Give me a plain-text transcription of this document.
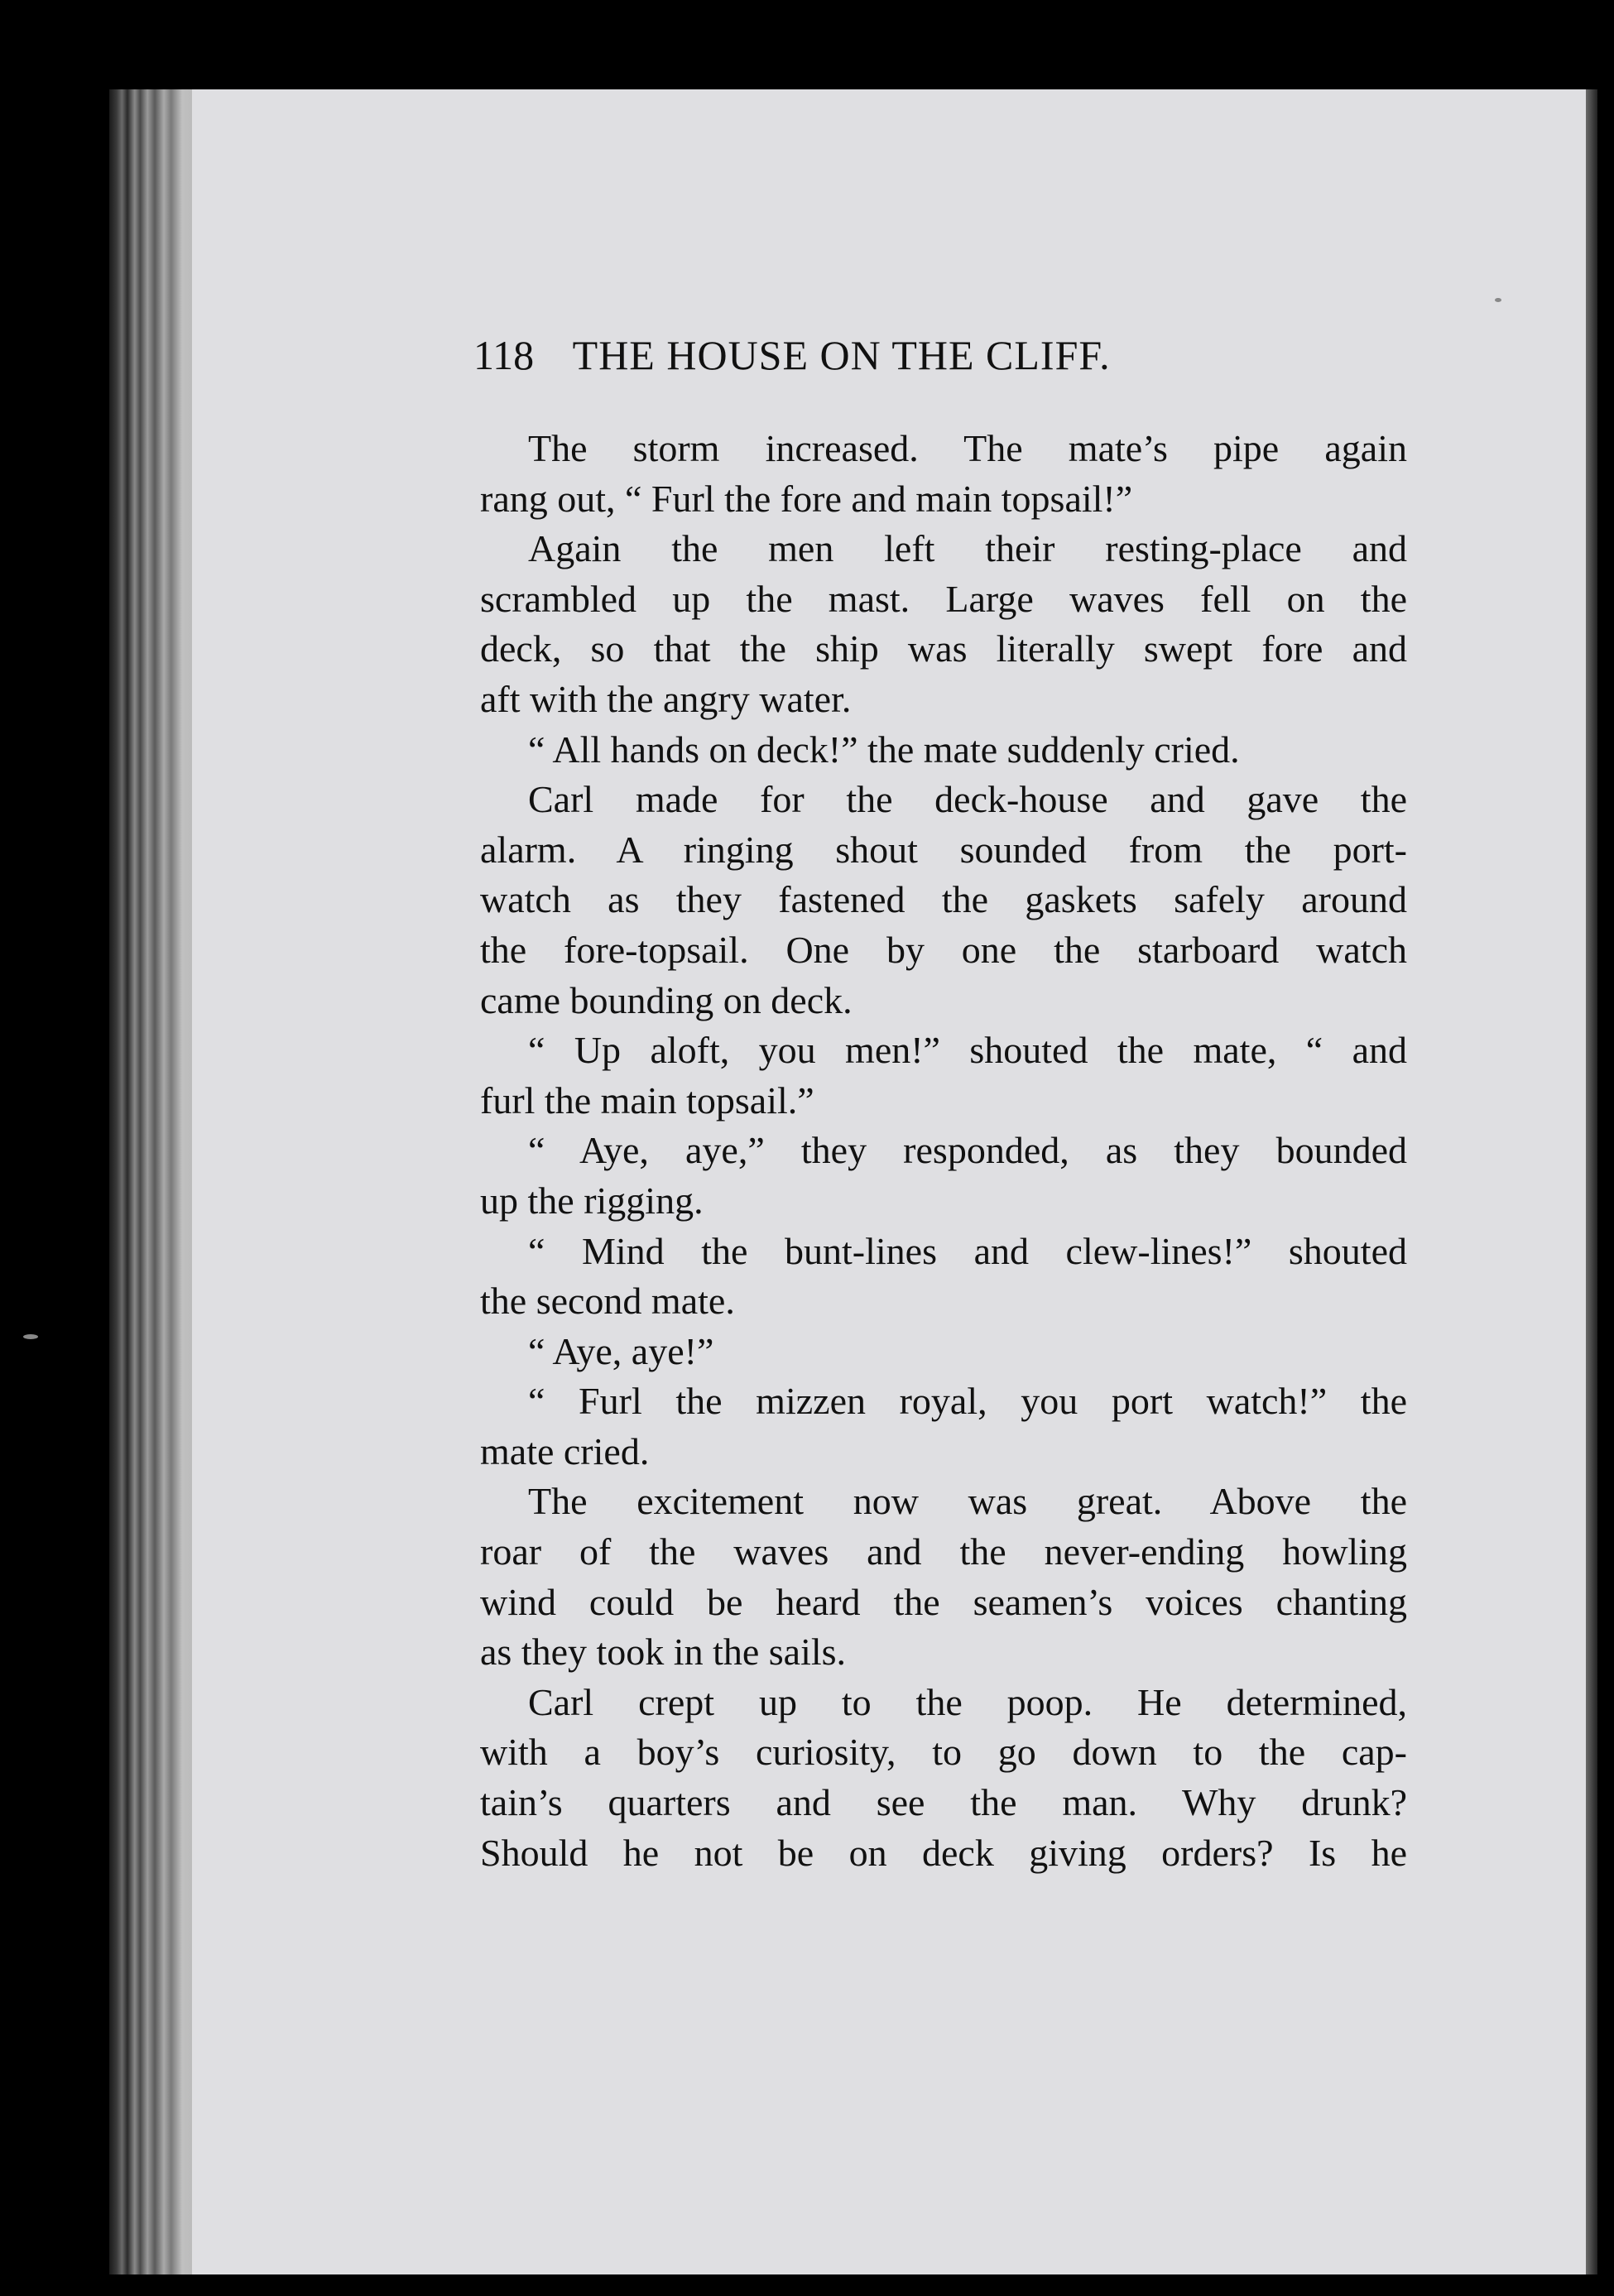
118 THE HOUSE ON THE CLIFF.
The storm increased. The mate’s pipe again
rang out, “ Furl the fore and main topsail!”
Again the men left their resting-place and
scrambled up the mast. Large waves fell on the
deck, so that the ship was literally swept fore and
aft with the angry water.
“ All hands on deck!” the mate suddenly cried.
Carl made for the deck-house and gave the
alarm. A ringing shout sounded from the port-
watch as they fastened the gaskets safely around
the fore-topsail. One by one the starboard watch
came bounding on deck.
“ Up aloft, you men!” shouted the mate, “ and
furl the main topsail.”
“ Aye, aye,” they responded, as they bounded
up the rigging.
“ Mind the bunt-lines and clew-lines!” shouted
the second mate.
“ Aye, aye!”
“ Furl the mizzen royal, you port watch!” the
mate cried.
The excitement now was great. Above the
roar of the waves and the never-ending howling
wind could be heard the seamen’s voices chanting
as they took in the sails.
Carl crept up to the poop. He determined,
with a boy’s curiosity, to go down to the cap-
tain’s quarters and see the man. Why drunk?
Should he not be on deck giving orders? Is he
